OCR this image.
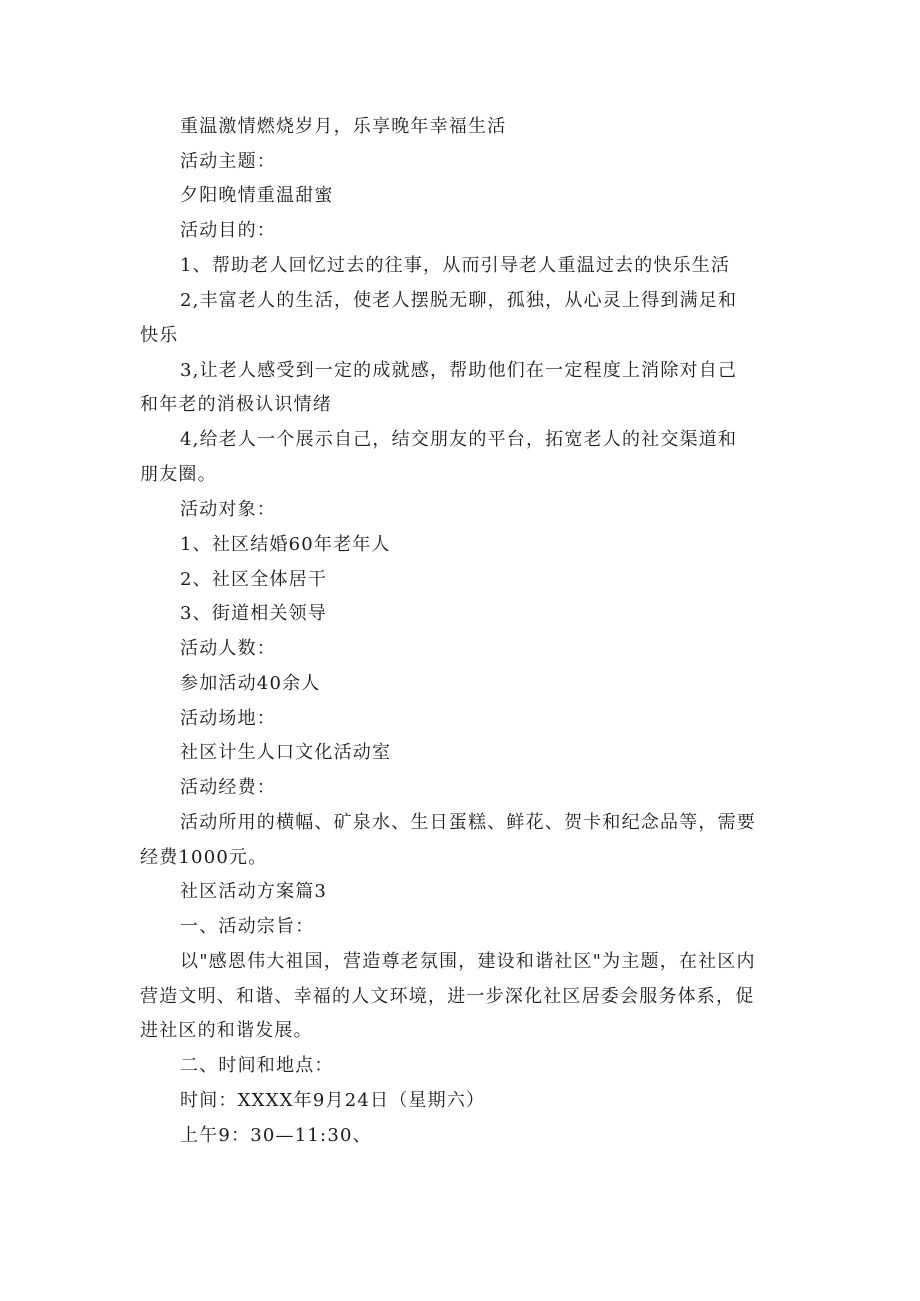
重温激情燃烧岁月，乐享晚年幸福生活
活动主题：
夕阳晚情重温甜蜜
活动目的：
1、帮助老人回忆过去的往事，从而引导老人重温过去的快乐生活
2,丰富老人的生活，使老人摆脱无聊，孤独，从心灵上得到满足和
快乐
3,让老人感受到一定的成就感，帮助他们在一定程度上消除对自己
和年老的消极认识情绪
4,给老人一个展示自己，结交朋友的平台，拓宽老人的社交渠道和
朋友圈。
活动对象：
1、社区结婚60年老年人
2、社区全体居干
3、街道相关领导
活动人数：
参加活动40余人
活动场地：
社区计生人口文化活动室
活动经费：
活动所用的横幅、矿泉水、生日蛋糕、鲜花、贺卡和纪念品等，需要
经费1000元。
社区活动方案篇3
一、活动宗旨：
以"感恩伟大祖国，营造尊老氛围，建设和谐社区"为主题，在社区内
营造文明、和谐、幸福的人文环境，进一步深化社区居委会服务体系，促
进社区的和谐发展。
二、时间和地点：
时间：XXXX年9月24日（星期六）
上午9：30—11:30、
